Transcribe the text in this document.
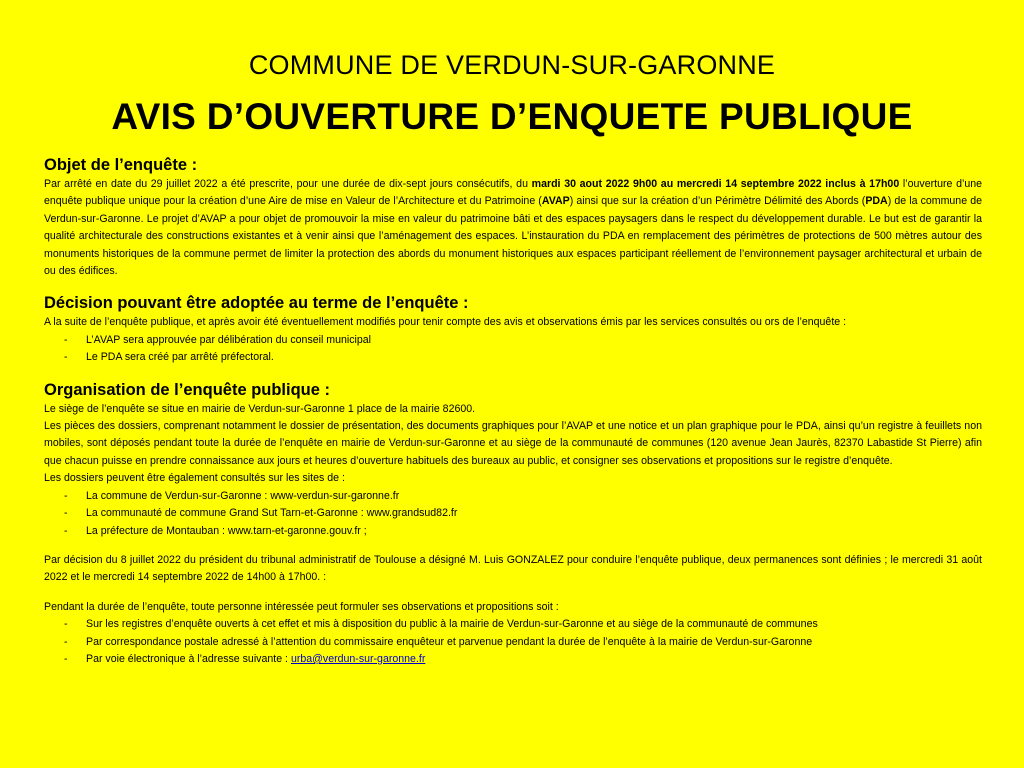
COMMUNE DE VERDUN-SUR-GARONNE
AVIS D’OUVERTURE D’ENQUETE PUBLIQUE
Objet de l’enquête :

Par arrêté en date du 29 juillet 2022 a été prescrite, pour une durée de dix-sept jours consécutifs, du mardi 30 aout 2022 9h00 au mercredi 14 septembre 2022 inclus à 17h00 l’ouverture d’une enquête publique unique pour la création d’une Aire de mise en Valeur de l’Architecture et du Patrimoine (AVAP) ainsi que sur la création d’un Périmètre Délimité des Abords (PDA) de la commune de Verdun-sur-Garonne. Le projet d’AVAP a pour objet de promouvoir la mise en valeur du patrimoine bâti et des espaces paysagers dans le respect du développement durable. Le but est de garantir la qualité architecturale des constructions existantes et à venir ainsi que l’aménagement des espaces. L’instauration du PDA en remplacement des périmètres de protections de 500 mètres autour des monuments historiques de la commune permet de limiter la protection des abords du monument historiques aux espaces participant réellement de l’environnement paysager architectural et urbain de ou des édifices.

Décision pouvant être adoptée au terme de l’enquête :

A la suite de l’enquête publique, et après avoir été éventuellement modifiés pour tenir compte des avis et observations émis par les services consultés ou ors de l’enquête :

- L’AVAP sera approuvée par délibération du conseil municipal
- Le PDA sera créé par arrêté préfectoral.
Organisation de l’enquête publique :

Le siège de l’enquête se situe en mairie de Verdun-sur-Garonne 1 place de la mairie 82600.

Les pièces des dossiers, comprenant notamment le dossier de présentation, des documents graphiques pour l’AVAP et une notice et un plan graphique pour le PDA, ainsi qu’un registre à feuillets non mobiles, sont déposés pendant toute la durée de l’enquête en mairie de Verdun-sur-Garonne et au siège de la communauté de communes (120 avenue Jean Jaurès, 82370 Labastide St Pierre) afin que chacun puisse en prendre connaissance aux jours et heures d’ouverture habituels des bureaux au public, et consigner ses observations et propositions sur le registre d’enquête.

Les dossiers peuvent être également consultés sur les sites de :

- La commune de Verdun-sur-Garonne : www-verdun-sur-garonne.fr
- La communauté de commune Grand Sut Tarn-et-Garonne : www.grandsud82.fr
- La préfecture de Montauban : www.tarn-et-garonne.gouv.fr ;

Par décision du 8 juillet 2022 du président du tribunal administratif de Toulouse a désigné M. Luis GONZALEZ pour conduire l’enquête publique, deux permanences sont définies ; le mercredi 31 août 2022 et le mercredi 14 septembre 2022 de 14h00 à 17h00. :

Pendant la durée de l’enquête, toute personne intéressée peut formuler ses observations et propositions soit :

- Sur les registres d’enquête ouverts à cet effet et mis à disposition du public à la mairie de Verdun-sur-Garonne et au siège de la communauté de communes
- Par correspondance postale adressé à l’attention du commissaire enquêteur et parvenue pendant la durée de l’enquête à la mairie de Verdun-sur-Garonne
- Par voie électronique à l’adresse suivante : urba@verdun-sur-garonne.fr
